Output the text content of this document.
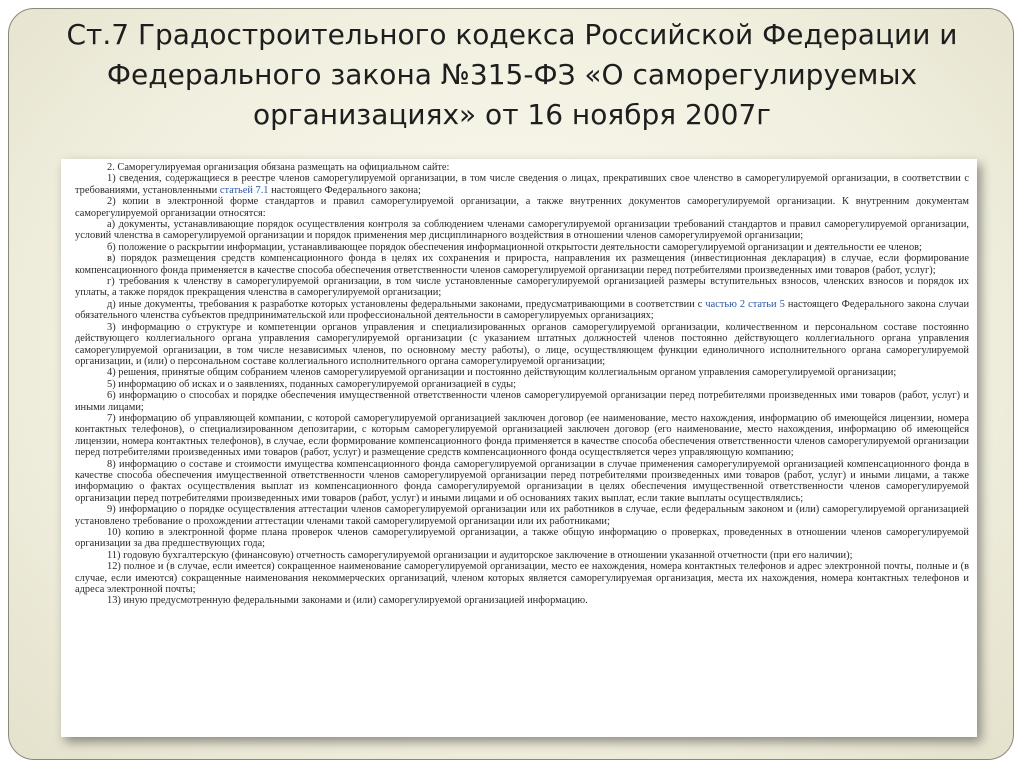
Ст.7 Градостроительного кодекса Российской Федерации и
Федерального закона №315-ФЗ «О саморегулируемых
организациях» от 16 ноября 2007г

2. Саморегулируемая организация обязана размещать на официальном сайте:

1) сведения, содержащиеся в реестре членов саморегулируемой организации, в том числе сведения о лицах, прекративших свое членство в саморегулируемой организации, в соответствии с требованиями, установленными статьей 7.1 настоящего Федерального закона;

2) копии в электронной форме стандартов и правил саморегулируемой организации, а также внутренних документов саморегулируемой организации. К внутренним документам саморегулируемой организации относятся:

а) документы, устанавливающие порядок осуществления контроля за соблюдением членами саморегулируемой организации требований стандартов и правил саморегулируемой организации, условий членства в саморегулируемой организации и порядок применения мер дисциплинарного воздействия в отношении членов саморегулируемой организации;

б) положение о раскрытии информации, устанавливающее порядок обеспечения информационной открытости деятельности саморегулируемой организации и деятельности ее членов;

в) порядок размещения средств компенсационного фонда в целях их сохранения и прироста, направления их размещения (инвестиционная декларация) в случае, если формирование компенсационного фонда применяется в качестве способа обеспечения ответственности членов саморегулируемой организации перед потребителями произведенных ими товаров (работ, услуг);

г) требования к членству в саморегулируемой организации, в том числе установленные саморегулируемой организацией размеры вступительных взносов, членских взносов и порядок их уплаты, а также порядок прекращения членства в саморегулируемой организации;

д) иные документы, требования к разработке которых установлены федеральными законами, предусматривающими в соответствии с частью 2 статьи 5 настоящего Федерального закона случаи обязательного членства субъектов предпринимательской или профессиональной деятельности в саморегулируемых организациях;

3) информацию о структуре и компетенции органов управления и специализированных органов саморегулируемой организации, количественном и персональном составе постоянно действующего коллегиального органа управления саморегулируемой организации (с указанием штатных должностей членов постоянно действующего коллегиального органа управления саморегулируемой организации, в том числе независимых членов, по основному месту работы), о лице, осуществляющем функции единоличного исполнительного органа саморегулируемой организации, и (или) о персональном составе коллегиального исполнительного органа саморегулируемой организации;

4) решения, принятые общим собранием членов саморегулируемой организации и постоянно действующим коллегиальным органом управления саморегулируемой организации;

5) информацию об исках и о заявлениях, поданных саморегулируемой организацией в суды;

6) информацию о способах и порядке обеспечения имущественной ответственности членов саморегулируемой организации перед потребителями произведенных ими товаров (работ, услуг) и иными лицами;

7) информацию об управляющей компании, с которой саморегулируемой организацией заключен договор (ее наименование, место нахождения, информацию об имеющейся лицензии, номера контактных телефонов), о специализированном депозитарии, с которым саморегулируемой организацией заключен договор (его наименование, место нахождения, информацию об имеющейся лицензии, номера контактных телефонов), в случае, если формирование компенсационного фонда применяется в качестве способа обеспечения ответственности членов саморегулируемой организации перед потребителями произведенных ими товаров (работ, услуг) и размещение средств компенсационного фонда осуществляется через управляющую компанию;

8) информацию о составе и стоимости имущества компенсационного фонда саморегулируемой организации в случае применения саморегулируемой организацией компенсационного фонда в качестве способа обеспечения имущественной ответственности членов саморегулируемой организации перед потребителями произведенных ими товаров (работ, услуг) и иными лицами, а также информацию о фактах осуществления выплат из компенсационного фонда саморегулируемой организации в целях обеспечения имущественной ответственности членов саморегулируемой организации перед потребителями произведенных ими товаров (работ, услуг) и иными лицами и об основаниях таких выплат, если такие выплаты осуществлялись;

9) информацию о порядке осуществления аттестации членов саморегулируемой организации или их работников в случае, если федеральным законом и (или) саморегулируемой организацией установлено требование о прохождении аттестации членами такой саморегулируемой организации или их работниками;

10) копию в электронной форме плана проверок членов саморегулируемой организации, а также общую информацию о проверках, проведенных в отношении членов саморегулируемой организации за два предшествующих года;

11) годовую бухгалтерскую (финансовую) отчетность саморегулируемой организации и аудиторское заключение в отношении указанной отчетности (при его наличии);

12) полное и (в случае, если имеется) сокращенное наименование саморегулируемой организации, место ее нахождения, номера контактных телефонов и адрес электронной почты, полные и (в случае, если имеются) сокращенные наименования некоммерческих организаций, членом которых является саморегулируемая организация, места их нахождения, номера контактных телефонов и адреса электронной почты;

13) иную предусмотренную федеральными законами и (или) саморегулируемой организацией информацию.
